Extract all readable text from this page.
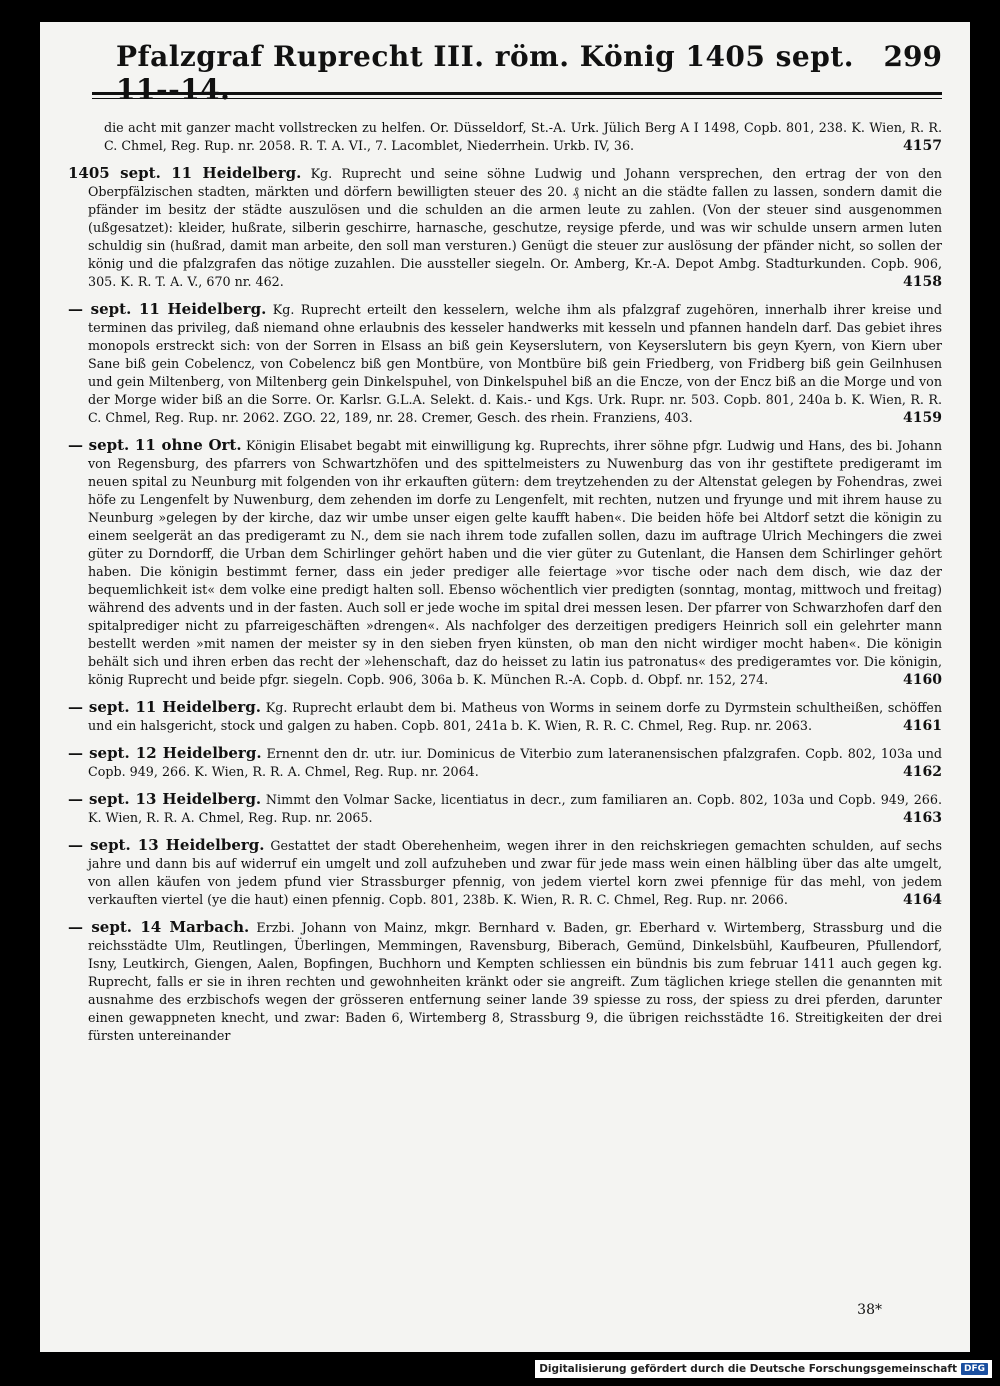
Pfalzgraf Ruprecht III. röm. König 1405 sept. 11--14.
299
die acht mit ganzer macht vollstrecken zu helfen. Or. Düsseldorf, St.-A. Urk. Jülich Berg A I 1498, Copb. 801, 238. K. Wien, R. R. C. Chmel, Reg. Rup. nr. 2058. R. T. A. VI., 7. Lacomblet, Niederrhein. Urkb. IV, 36.	4157
1405 sept. 11 Heidelberg. Kg. Ruprecht und seine söhne Ludwig und Johann versprechen, den ertrag der von den Oberpfälzischen stadten, märkten und dörfern bewilligten steuer des 20. ₰ nicht an die städte fallen zu lassen, sondern damit die pfänder im besitz der städte auszulösen und die schulden an die armen leute zu zahlen. (Von der steuer sind ausgenommen (ußgesatzet): kleider, hußrate, silberin geschirre, harnasche, geschutze, reysige pferde, und was wir schulde unsern armen luten schuldig sin (hußrad, damit man arbeite, den soll man versturen.) Genügt die steuer zur auslösung der pfänder nicht, so sollen der könig und die pfalzgrafen das nötige zuzahlen. Die aussteller siegeln. Or. Amberg, Kr.-A. Depot Ambg. Stadturkunden. Copb. 906, 305. K. R. T. A. V., 670 nr. 462.	4158
— sept. 11 Heidelberg. Kg. Ruprecht erteilt den kesselern, welche ihm als pfalzgraf zugehören, innerhalb ihrer kreise und terminen das privileg, daß niemand ohne erlaubnis des kesseler handwerks mit kesseln und pfannen handeln darf. Das gebiet ihres monopols erstreckt sich: von der Sorren in Elsass an biß gein Keyserslutern, von Keyserslutern bis geyn Kyern, von Kiern uber Sane biß gein Cobelencz, von Cobelencz biß gen Montbüre, von Montbüre biß gein Friedberg, von Fridberg biß gein Geilnhusen und gein Miltenberg, von Miltenberg gein Dinkelspuhel, von Dinkelspuhel biß an die Encze, von der Encz biß an die Morge und von der Morge wider biß an die Sorre. Or. Karlsr. G.L.A. Selekt. d. Kais.- und Kgs. Urk. Rupr. nr. 503. Copb. 801, 240a b. K. Wien, R. R. C. Chmel, Reg. Rup. nr. 2062. ZGO. 22, 189, nr. 28. Cremer, Gesch. des rhein. Franziens, 403.	4159
— sept. 11 ohne Ort. Königin Elisabet begabt mit einwilligung kg. Ruprechts, ihrer söhne pfgr. Ludwig und Hans, des bi. Johann von Regensburg, des pfarrers von Schwartzhöfen und des spittelmeisters zu Nuwenburg das von ihr gestiftete predigeramt im neuen spital zu Neunburg mit folgenden von ihr erkauften gütern: dem treytzehenden zu der Altenstat gelegen by Fohendras, zwei höfe zu Lengenfelt by Nuwenburg, dem zehenden im dorfe zu Lengenfelt, mit rechten, nutzen und fryunge und mit ihrem hause zu Neunburg »gelegen by der kirche, daz wir umbe unser eigen gelte kaufft haben«. Die beiden höfe bei Altdorf setzt die königin zu einem seelgerät an das predigeramt zu N., dem sie nach ihrem tode zufallen sollen, dazu im auftrage Ulrich Mechingers die zwei güter zu Dorndorff, die Urban dem Schirlinger gehört haben und die vier güter zu Gutenlant, die Hansen dem Schirlinger gehört haben. Die königin bestimmt ferner, dass ein jeder prediger alle feiertage »vor tische oder nach dem disch, wie daz der bequemlichkeit ist« dem volke eine predigt halten soll. Ebenso wöchentlich vier predigten (sonntag, montag, mittwoch und freitag) während des advents und in der fasten. Auch soll er jede woche im spital drei messen lesen. Der pfarrer von Schwarzhofen darf den spitalprediger nicht zu pfarreigeschäften »drengen«. Als nachfolger des derzeitigen predigers Heinrich soll ein gelehrter mann bestellt werden »mit namen der meister sy in den sieben fryen künsten, ob man den nicht wirdiger mocht haben«. Die königin behält sich und ihren erben das recht der »lehenschaft, daz do heisset zu latin ius patronatus« des predigeramtes vor. Die königin, könig Ruprecht und beide pfgr. siegeln. Copb. 906, 306a b. K. München R.-A. Copb. d. Obpf. nr. 152, 274.	4160
— sept. 11 Heidelberg. Kg. Ruprecht erlaubt dem bi. Matheus von Worms in seinem dorfe zu Dyrmstein schultheißen, schöffen und ein halsgericht, stock und galgen zu haben. Copb. 801, 241a b. K. Wien, R. R. C. Chmel, Reg. Rup. nr. 2063.	4161
— sept. 12 Heidelberg. Ernennt den dr. utr. iur. Dominicus de Viterbio zum lateranensischen pfalzgrafen. Copb. 802, 103a und Copb. 949, 266. K. Wien, R. R. A. Chmel, Reg. Rup. nr. 2064.	4162
— sept. 13 Heidelberg. Nimmt den Volmar Sacke, licentiatus in decr., zum familiaren an. Copb. 802, 103a und Copb. 949, 266. K. Wien, R. R. A. Chmel, Reg. Rup. nr. 2065.	4163
— sept. 13 Heidelberg. Gestattet der stadt Oberehenheim, wegen ihrer in den reichskriegen gemachten schulden, auf sechs jahre und dann bis auf widerruf ein umgelt und zoll aufzuheben und zwar für jede mass wein einen hälbling über das alte umgelt, von allen käufen von jedem pfund vier Strassburger pfennig, von jedem viertel korn zwei pfennige für das mehl, von jedem verkauften viertel (ye die haut) einen pfennig. Copb. 801, 238b. K. Wien, R. R. C. Chmel, Reg. Rup. nr. 2066.	4164
— sept. 14 Marbach. Erzbi. Johann von Mainz, mkgr. Bernhard v. Baden, gr. Eberhard v. Wirtemberg, Strassburg und die reichsstädte Ulm, Reutlingen, Überlingen, Memmingen, Ravensburg, Biberach, Gemünd, Dinkelsbühl, Kaufbeuren, Pfullendorf, Isny, Leutkirch, Giengen, Aalen, Bopfingen, Buchhorn und Kempten schliessen ein bündnis bis zum februar 1411 auch gegen kg. Ruprecht, falls er sie in ihren rechten und gewohnheiten kränkt oder sie angreift. Zum täglichen kriege stellen die genannten mit ausnahme des erzbischofs wegen der grösseren entfernung seiner lande 39 spiesse zu ross, der spiess zu drei pferden, darunter einen gewappneten knecht, und zwar: Baden 6, Wirtemberg 8, Strassburg 9, die übrigen reichsstädte 16. Streitigkeiten der drei fürsten untereinander
38*
Digitalisierung gefördert durch die Deutsche Forschungsgemeinschaft DFG
